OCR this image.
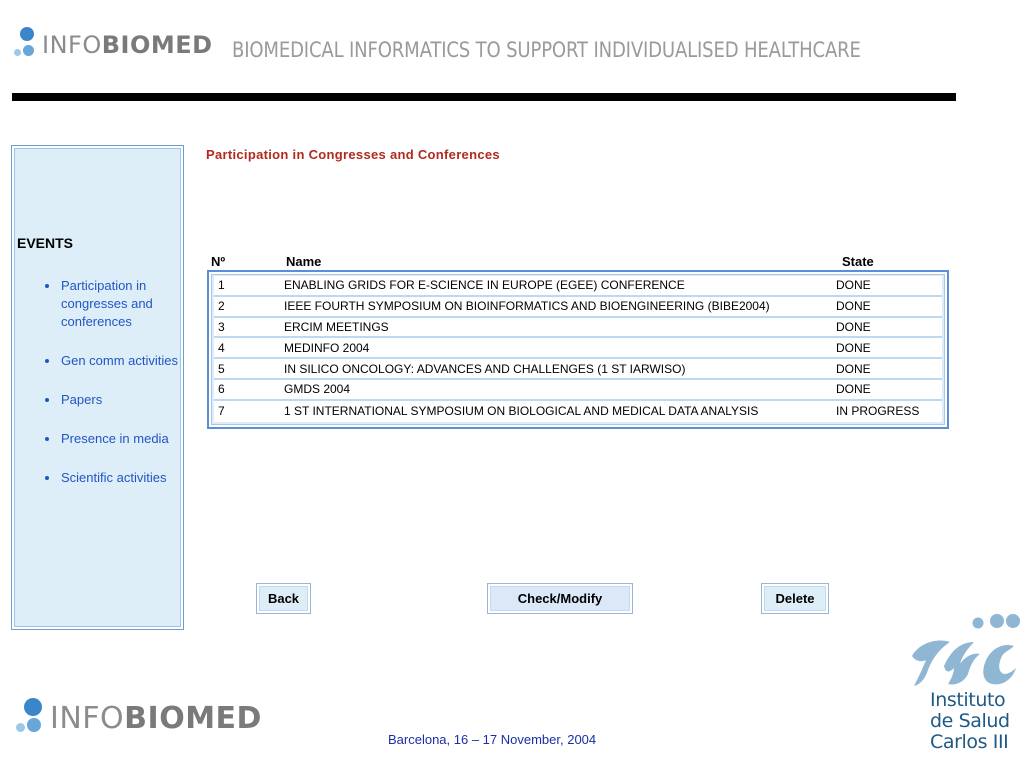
INFOBIOMED BIOMEDICAL INFORMATICS TO SUPPORT INDIVIDUALISED HEALTHCARE
EVENTS
Participation in congresses and conferences
Gen comm activities
Papers
Presence in media
Scientific activities
Participation in Congresses and Conferences
Nº	Name	State
1	ENABLING GRIDS FOR E-SCIENCE IN EUROPE (EGEE) CONFERENCE	DONE
2	IEEE FOURTH SYMPOSIUM ON BIOINFORMATICS AND BIOENGINEERING (BIBE2004)	DONE
3	ERCIM MEETINGS	DONE
4	MEDINFO 2004	DONE
5	IN SILICO ONCOLOGY: ADVANCES AND CHALLENGES (1 ST IARWISO)	DONE
6	GMDS 2004	DONE
7	1 ST INTERNATIONAL SYMPOSIUM ON BIOLOGICAL AND MEDICAL DATA ANALYSIS	IN PROGRESS
Back	Check/Modify	Delete
INFOBIOMED
Barcelona, 16 – 17 November, 2004
Instituto
de Salud
Carlos III
